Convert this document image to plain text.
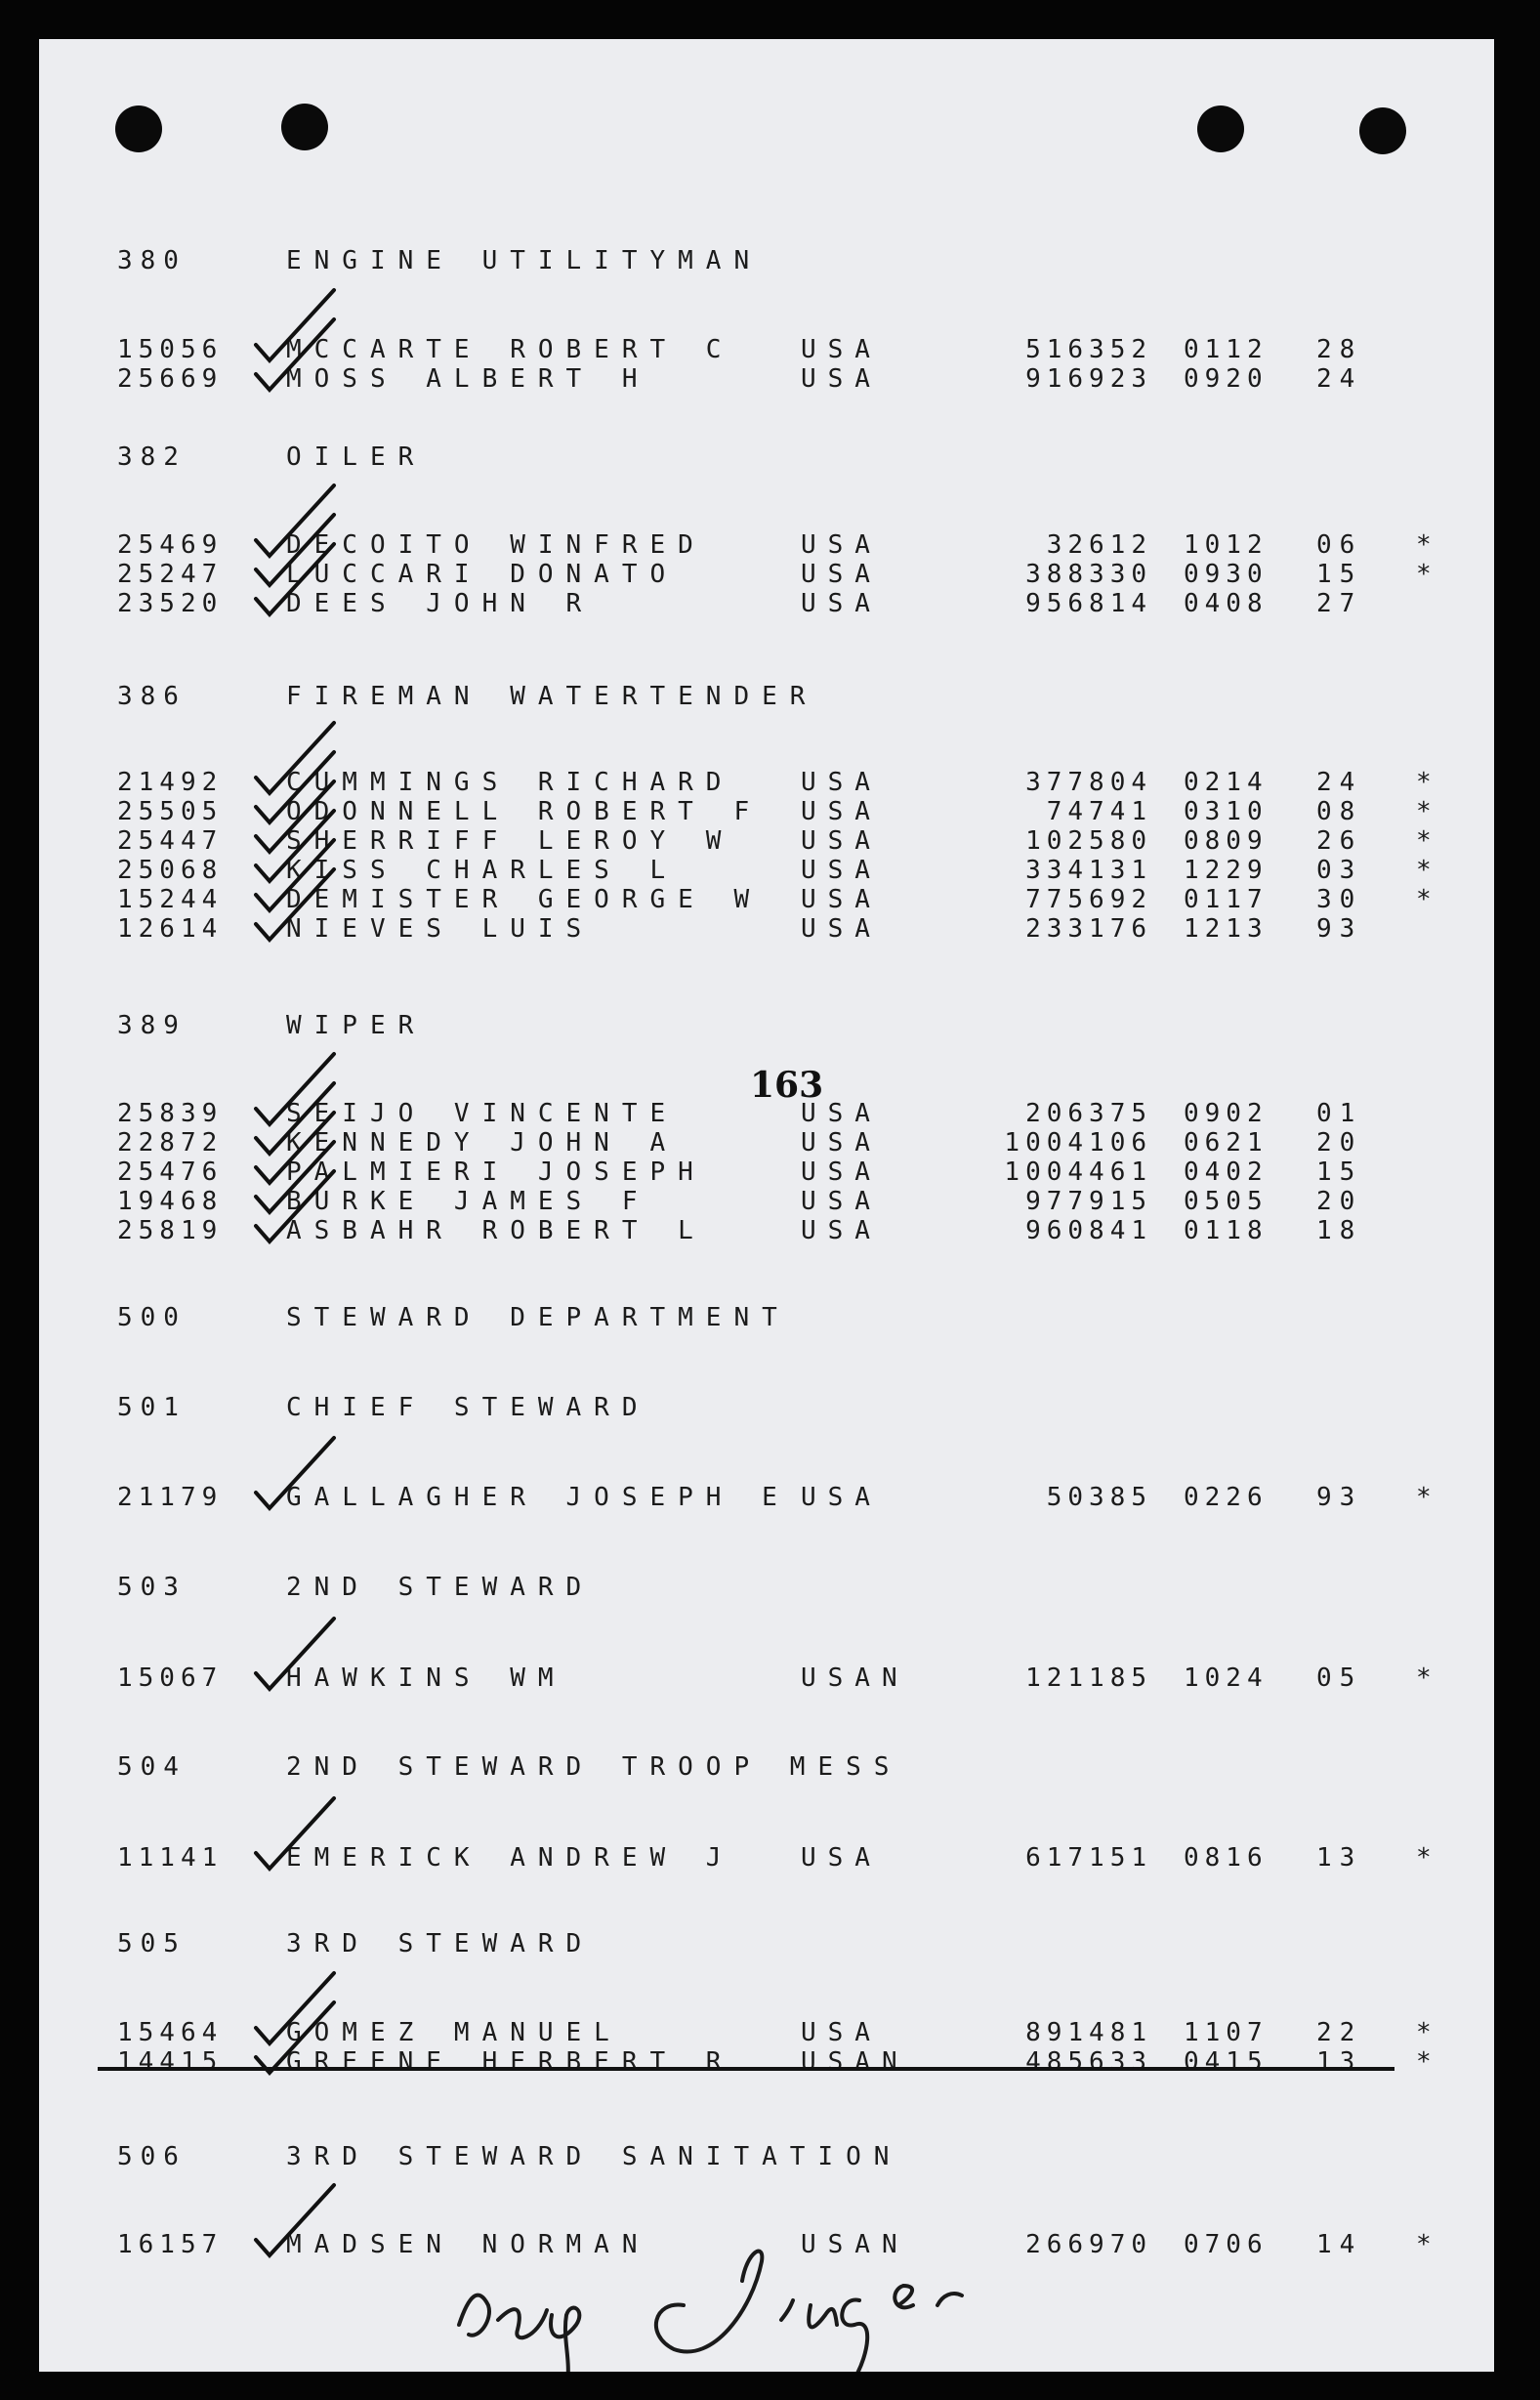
163
380	ENGINE UTILITYMAN
15056 MCCARTE ROBERT C	USA	516352 0112 28
25669 MOSS ALBERT H	USA	916923 0920 24
382	OILER
25469 DECOITO WINFRED	USA	32612 1012 06 *
25247 LUCCARI DONATO	USA	388330 0930 15 *
23520 DEES JOHN R	USA	956814 0408 27
386	FIREMAN WATERTENDER
21492 CUMMINGS RICHARD	USA	377804 0214 24 *
25505 ODONNELL ROBERT F USA	74741 0310 08 *
25447 SHERRIFF LEROY W	USA	102580 0809 26 *
25068 KISS CHARLES L	USA	334131 1229 03 *
15244 DEMISTER GEORGE W USA	775692 0117 30 *
12614 NIEVES LUIS	USA	233176 1213 93
389	WIPER
25839 SEIJO VINCENTE	USA	206375 0902 01
22872 KENNEDY JOHN A	USA	1004106 0621 20
25476 PALMIERI JOSEPH	USA	1004461 0402 15
19468 BURKE JAMES F	USA	977915 0505 20
25819 ASBAHR ROBERT L	USA	960841 0118 18
500	STEWARD DEPARTMENT
501	CHIEF STEWARD
21179 GALLAGHER JOSEPH E USA	50385 0226 93 *
503	2ND STEWARD
15067 HAWKINS WM	USAN	121185 1024 05 *
504	2ND STEWARD TROOP MESS
11141 EMERICK ANDREW J	USA	617151 0816 13 *
505	3RD STEWARD
15464 GOMEZ MANUEL	USA	891481 1107 22 *
14415 GREENE HERBERT R	USAN	485633 0415 13 *
506	3RD STEWARD SANITATION
16157 MADSEN NORMAN	USAN	266970 0706 14 *
